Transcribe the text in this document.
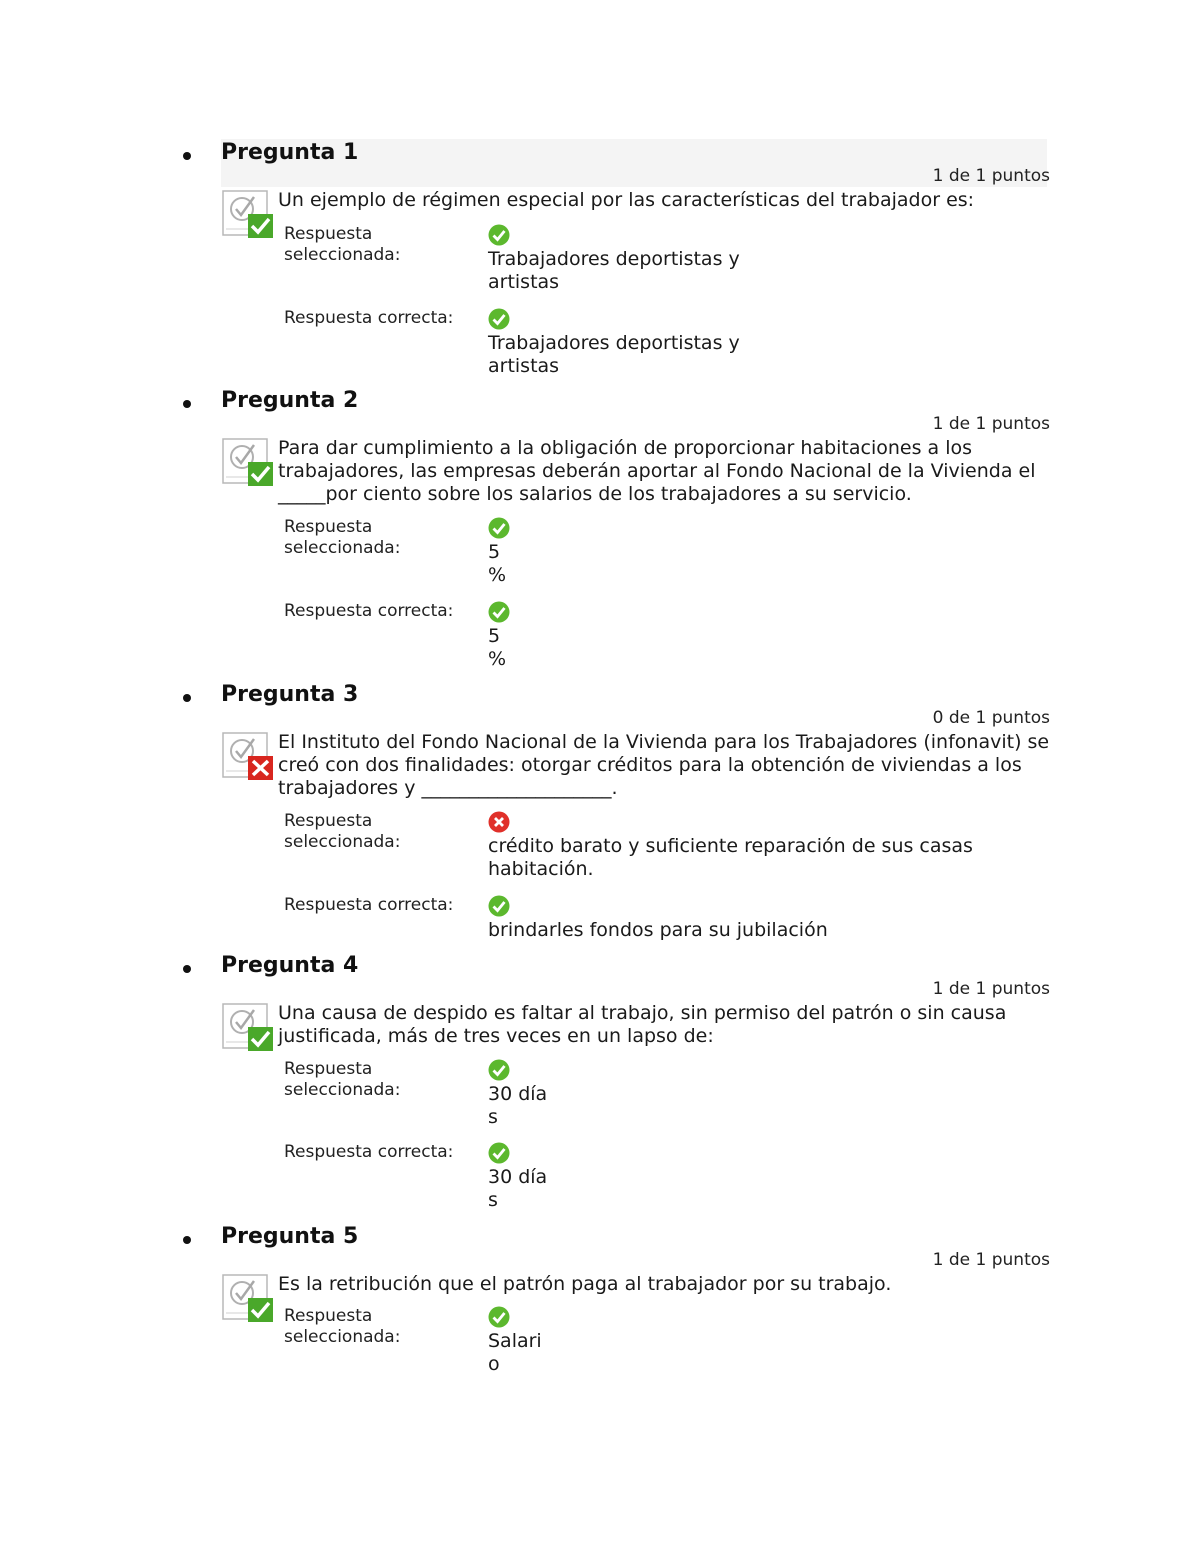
Pregunta 1
1 de 1 puntos
Un ejemplo de régimen especial por las características del trabajador es:
Respuesta seleccionada:	Trabajadores deportistas y artistas
Respuesta correcta:
Trabajadores deportistas y artistas
Pregunta 2
1 de 1 puntos
Para dar cumplimiento a la obligación de proporcionar habitaciones a los trabajadores, las empresas deberán aportar al Fondo Nacional de la Vivienda el _____por ciento sobre los salarios de los trabajadores a su servicio.
Respuesta seleccionada:	5 %
Respuesta correcta:
5 %
Pregunta 3
0 de 1 puntos
El Instituto del Fondo Nacional de la Vivienda para los Trabajadores (infonavit) se creó con dos finalidades: otorgar créditos para la obtención de viviendas a los trabajadores y ____________________.
Respuesta seleccionada:	crédito barato y suficiente reparación de sus casas habitación.
Respuesta correcta:
brindarles fondos para su jubilación
Pregunta 4
1 de 1 puntos
Una causa de despido es faltar al trabajo, sin permiso del patrón o sin causa justificada, más de tres veces en un lapso de:
Respuesta seleccionada:	30 días
Respuesta correcta:
30 días
Pregunta 5
1 de 1 puntos
Es la retribución que el patrón paga al trabajador por su trabajo.
Respuesta seleccionada:	Salario
